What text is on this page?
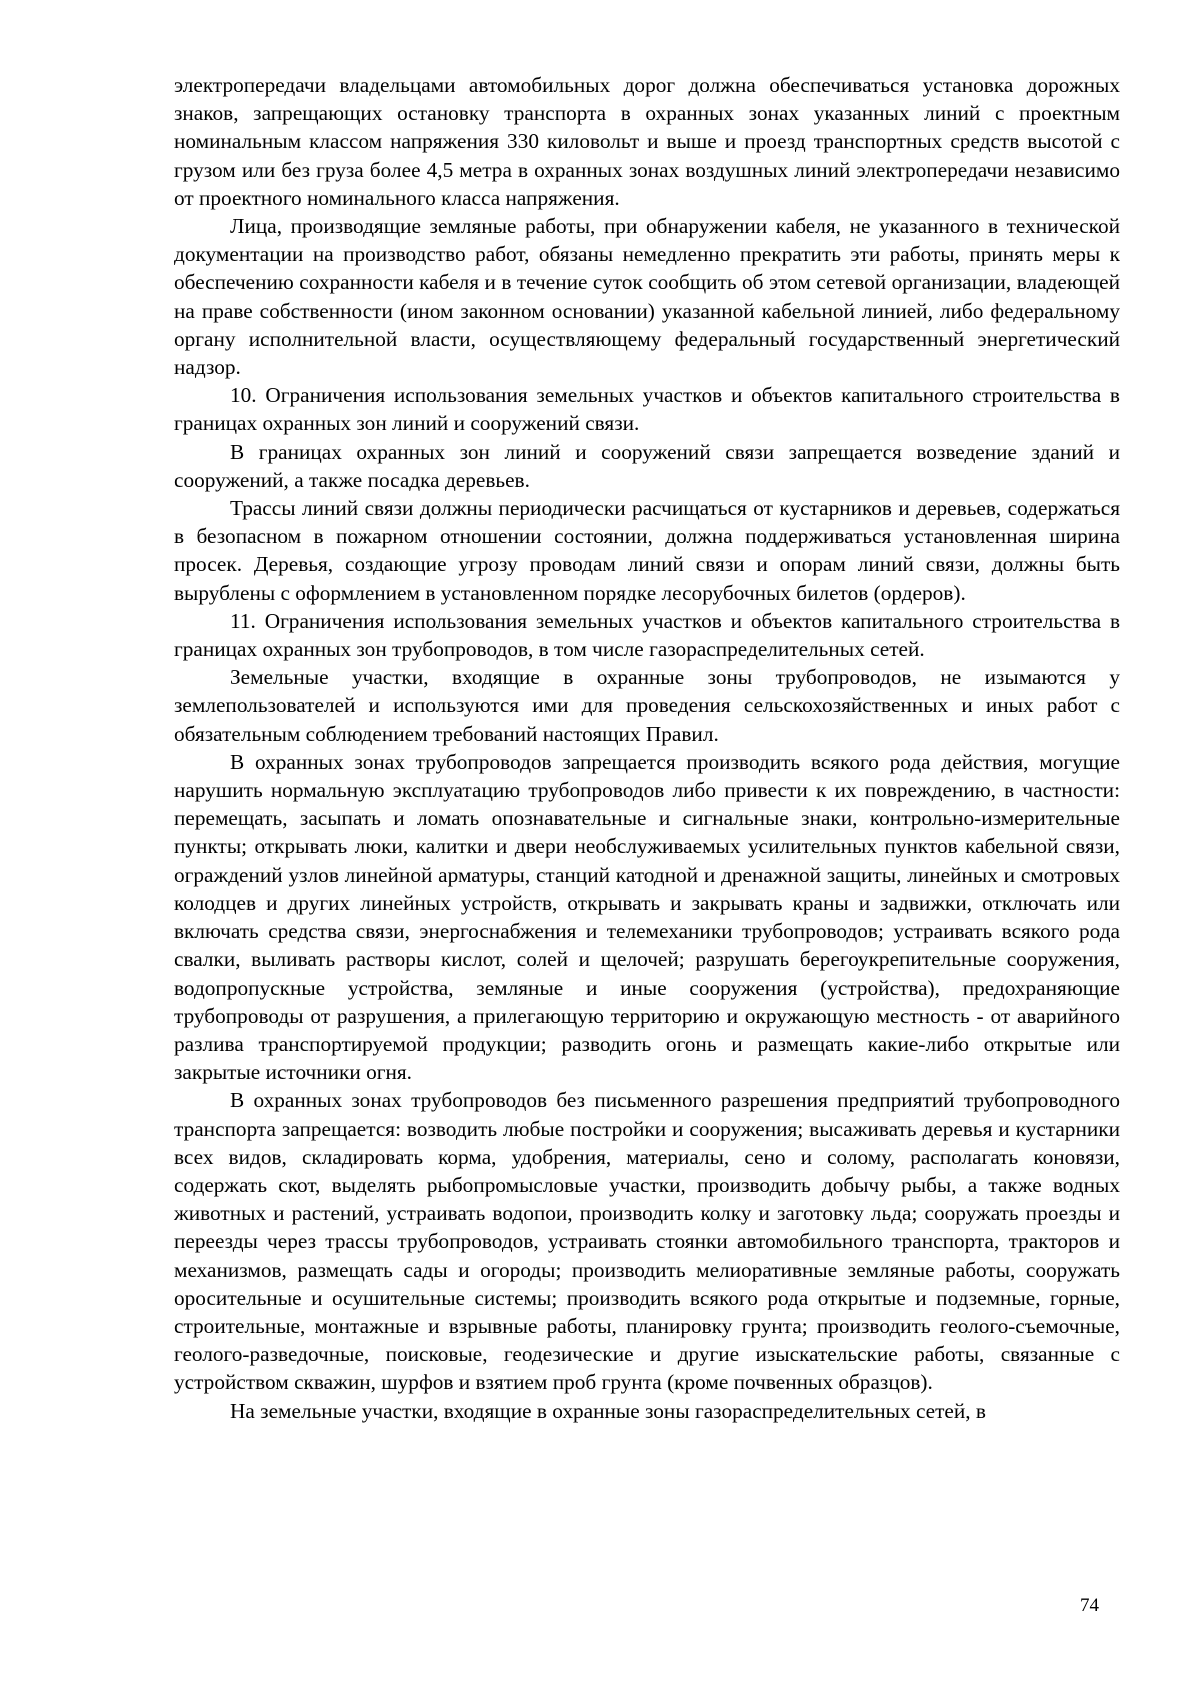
электропередачи владельцами автомобильных дорог должна обеспечиваться установка дорожных знаков, запрещающих остановку транспорта в охранных зонах указанных линий с проектным номинальным классом напряжения 330 киловольт и выше и проезд транспортных средств высотой с грузом или без груза более 4,5 метра в охранных зонах воздушных линий электропередачи независимо от проектного номинального класса напряжения.

Лица, производящие земляные работы, при обнаружении кабеля, не указанного в технической документации на производство работ, обязаны немедленно прекратить эти работы, принять меры к обеспечению сохранности кабеля и в течение суток сообщить об этом сетевой организации, владеющей на праве собственности (ином законном основании) указанной кабельной линией, либо федеральному органу исполнительной власти, осуществляющему федеральный государственный энергетический надзор.

10. Ограничения использования земельных участков и объектов капитального строительства в границах охранных зон линий и сооружений связи.

В границах охранных зон линий и сооружений связи запрещается возведение зданий и сооружений, а также посадка деревьев.

Трассы линий связи должны периодически расчищаться от кустарников и деревьев, содержаться в безопасном в пожарном отношении состоянии, должна поддерживаться установленная ширина просек. Деревья, создающие угрозу проводам линий связи и опорам линий связи, должны быть вырублены с оформлением в установленном порядке лесорубочных билетов (ордеров).

11. Ограничения использования земельных участков и объектов капитального строительства в границах охранных зон трубопроводов, в том числе газораспределительных сетей.

Земельные участки, входящие в охранные зоны трубопроводов, не изымаются у землепользователей и используются ими для проведения сельскохозяйственных и иных работ с обязательным соблюдением требований настоящих Правил.

В охранных зонах трубопроводов запрещается производить всякого рода действия, могущие нарушить нормальную эксплуатацию трубопроводов либо привести к их повреждению, в частности: перемещать, засыпать и ломать опознавательные и сигнальные знаки, контрольно-измерительные пункты; открывать люки, калитки и двери необслуживаемых усилительных пунктов кабельной связи, ограждений узлов линейной арматуры, станций катодной и дренажной защиты, линейных и смотровых колодцев и других линейных устройств, открывать и закрывать краны и задвижки, отключать или включать средства связи, энергоснабжения и телемеханики трубопроводов; устраивать всякого рода свалки, выливать растворы кислот, солей и щелочей; разрушать берегоукрепительные сооружения, водопропускные устройства, земляные и иные сооружения (устройства), предохраняющие трубопроводы от разрушения, а прилегающую территорию и окружающую местность - от аварийного разлива транспортируемой продукции; разводить огонь и размещать какие-либо открытые или закрытые источники огня.

В охранных зонах трубопроводов без письменного разрешения предприятий трубопроводного транспорта запрещается: возводить любые постройки и сооружения; высаживать деревья и кустарники всех видов, складировать корма, удобрения, материалы, сено и солому, располагать коновязи, содержать скот, выделять рыбопромысловые участки, производить добычу рыбы, а также водных животных и растений, устраивать водопои, производить колку и заготовку льда; сооружать проезды и переезды через трассы трубопроводов, устраивать стоянки автомобильного транспорта, тракторов и механизмов, размещать сады и огороды; производить мелиоративные земляные работы, сооружать оросительные и осушительные системы; производить всякого рода открытые и подземные, горные, строительные, монтажные и взрывные работы, планировку грунта; производить геолого-съемочные, геолого-разведочные, поисковые, геодезические и другие изыскательские работы, связанные с устройством скважин, шурфов и взятием проб грунта (кроме почвенных образцов).

На земельные участки, входящие в охранные зоны газораспределительных сетей, в

74
